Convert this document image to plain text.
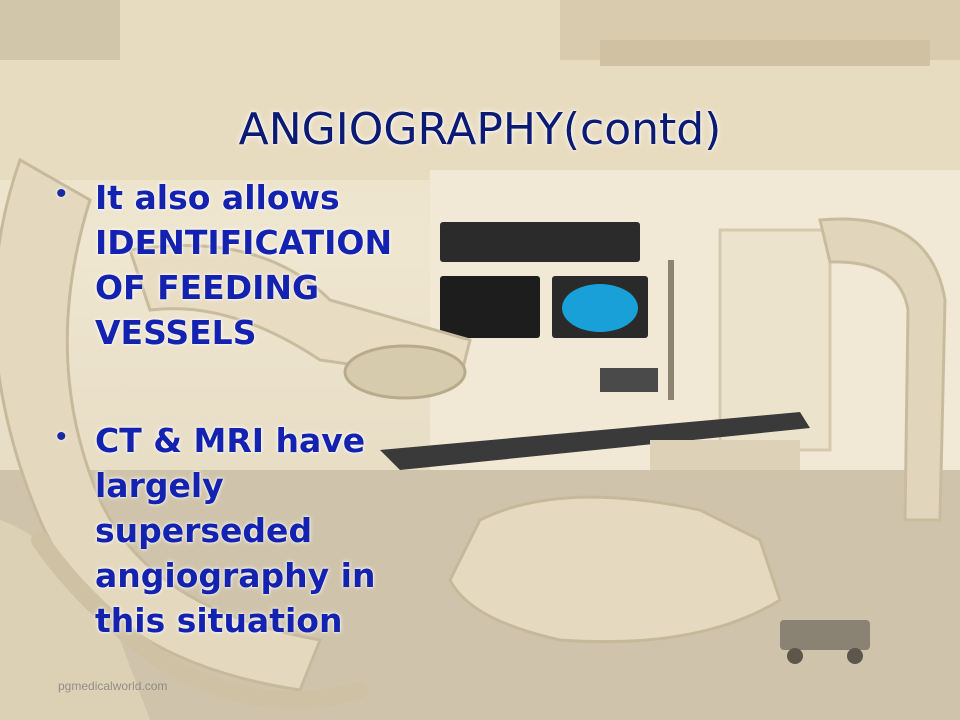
ANGIOGRAPHY(contd)
• It also allows
IDENTIFICATION
OF FEEDING
VESSELS
• CT & MRI have
largely
superseded
angiography in
this situation
pgmedicalworld.com
